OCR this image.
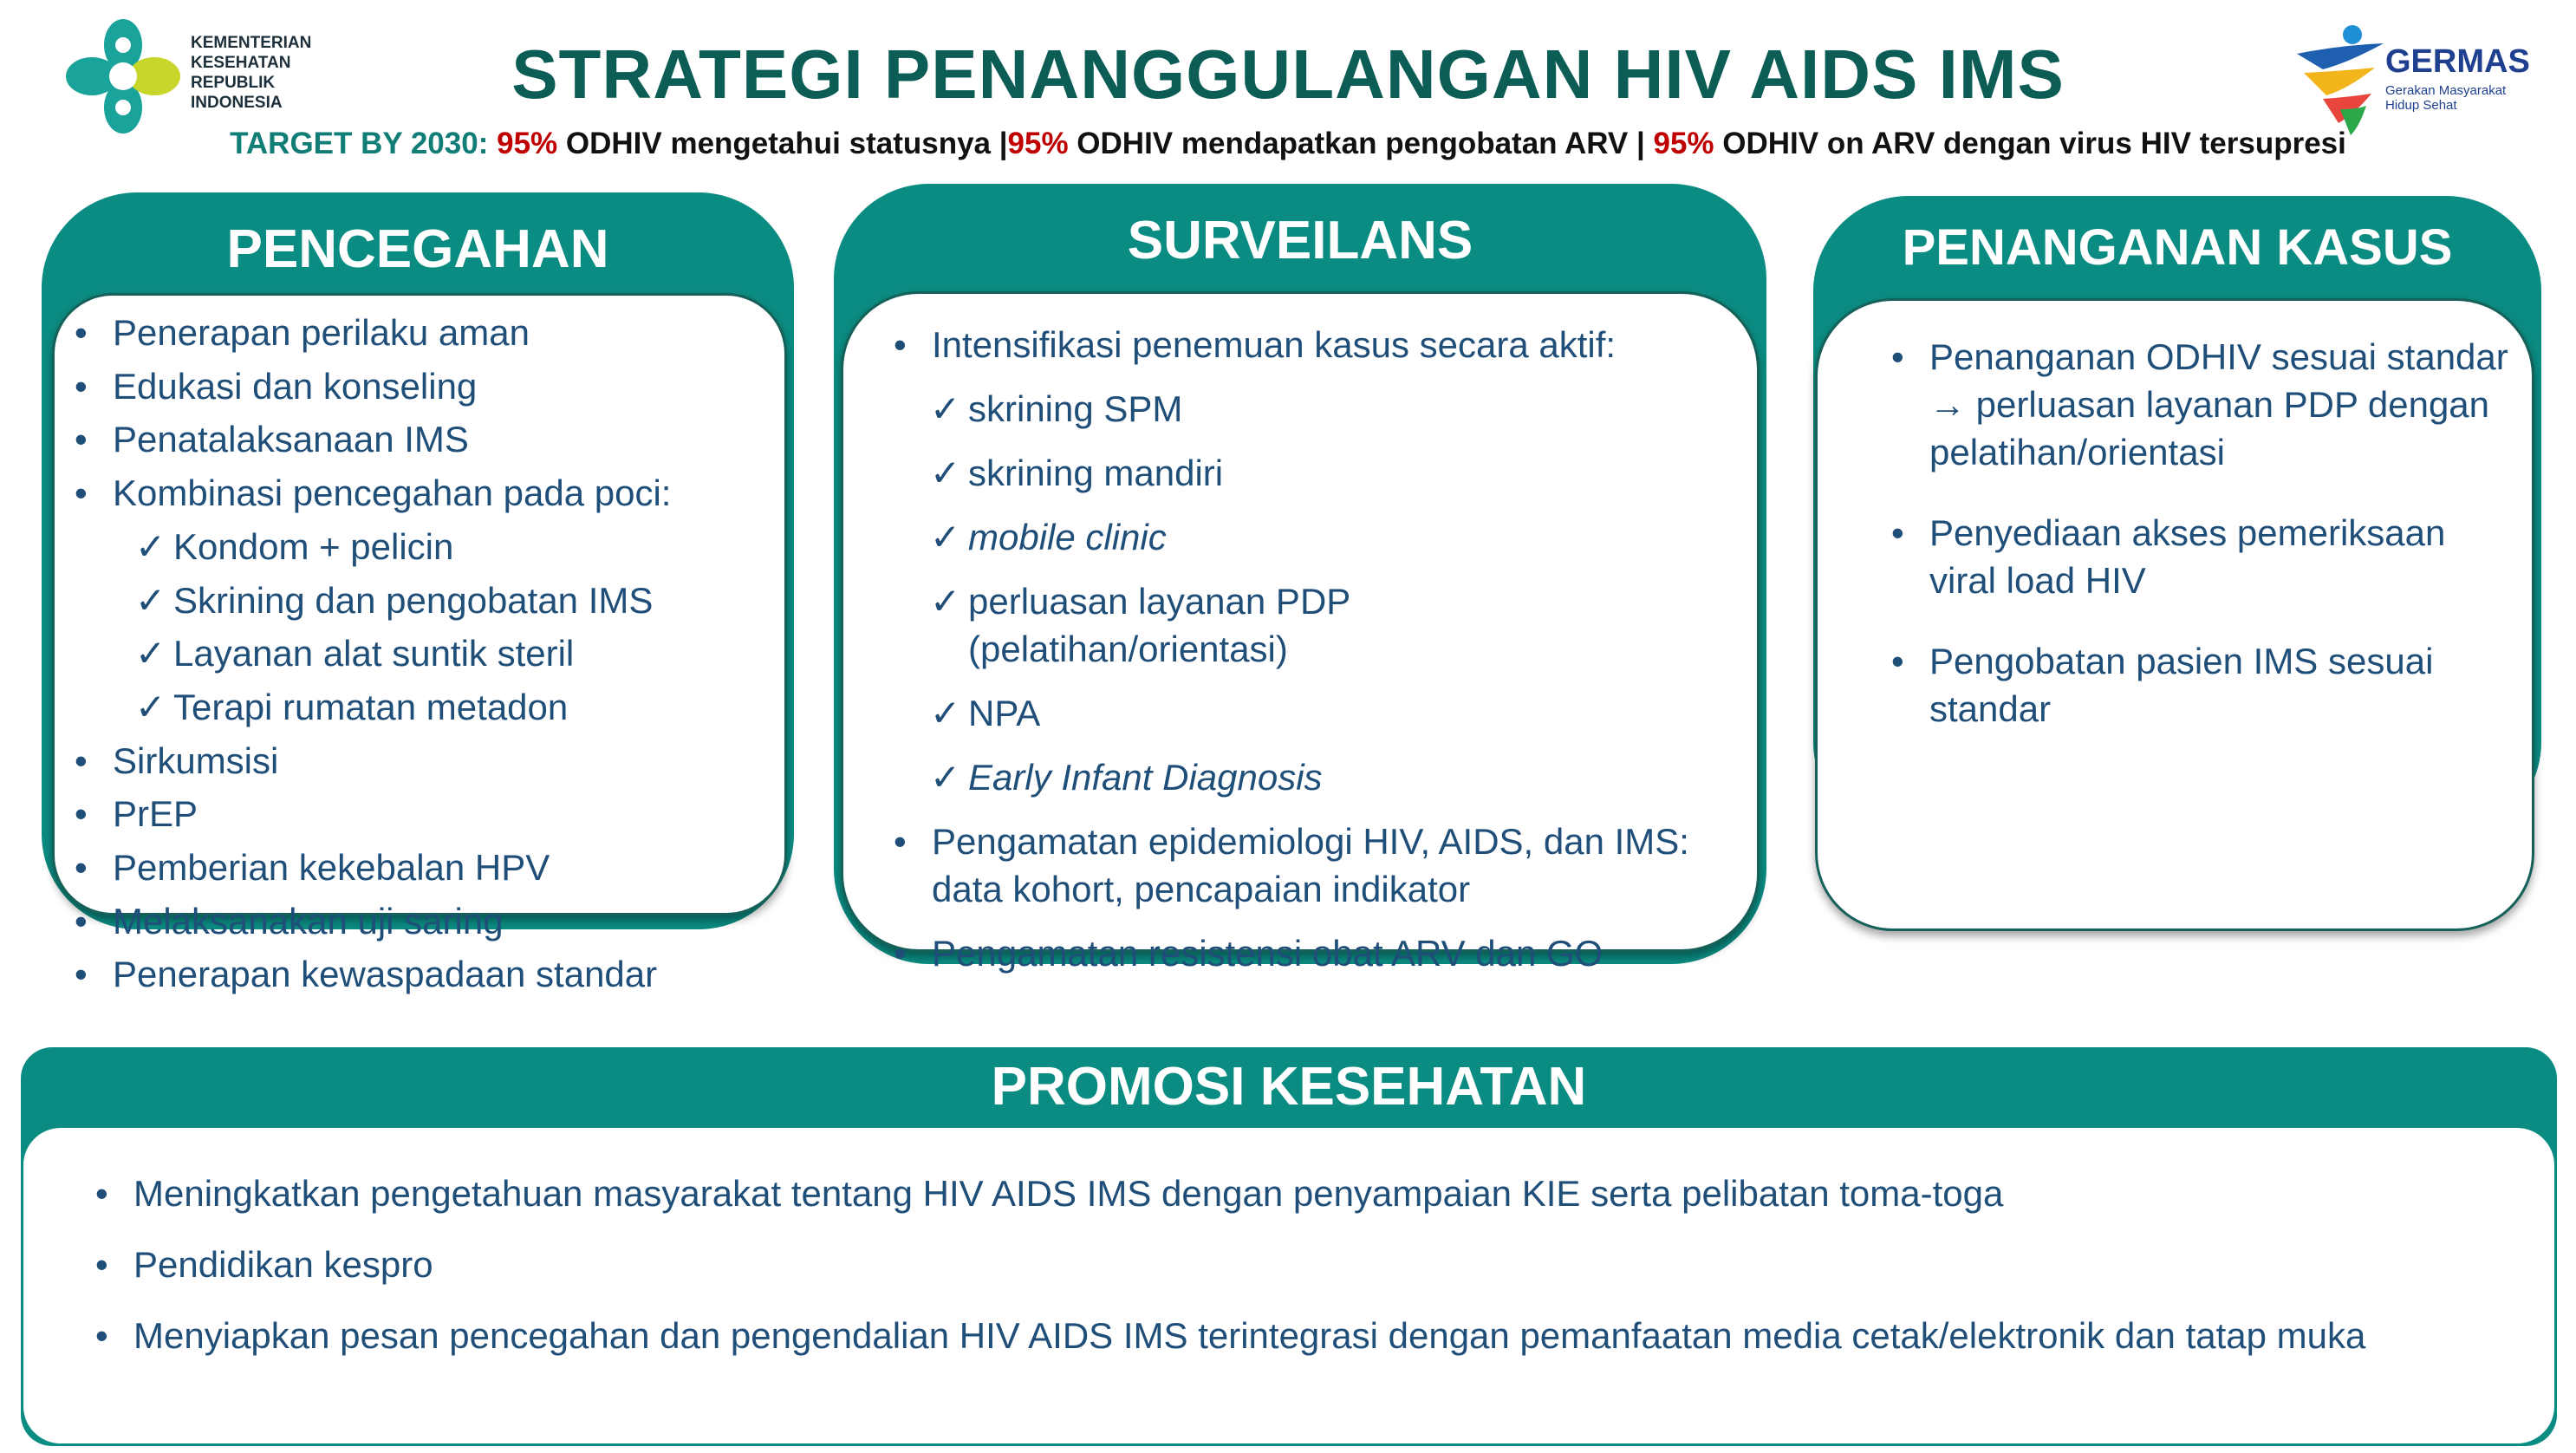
KEMENTERIAN
KESEHATAN
REPUBLIK
INDONESIA	STRATEGI PENANGGULANGAN HIV AIDS IMS
TARGET BY 2030: 95% ODHIV mengetahui statusnya |95% ODHIV mendapatkan pengobatan ARV | 95% ODHIV on ARV dengan virus HIV tersupresi
GERMAS
Gerakan Masyarakat Hidup Sehat
PENCEGAHAN
• Penerapan perilaku aman
• Edukasi dan konseling
• Penatalaksanaan IMS
• Kombinasi pencegahan pada poci:
✓ Kondom + pelicin
✓ Skrining dan pengobatan IMS
✓ Layanan alat suntik steril
✓ Terapi rumatan metadon
• Sirkumsisi
• PrEP
• Pemberian kekebalan HPV
• Melaksanakan uji saring
• Penerapan kewaspadaan standar
SURVEILANS
• Intensifikasi penemuan kasus secara aktif:
✓ skrining SPM
✓ skrining mandiri
✓ mobile clinic
✓ perluasan layanan PDP (pelatihan/orientasi)
✓ NPA
✓ Early Infant Diagnosis
• Pengamatan epidemiologi HIV, AIDS, dan IMS: data kohort, pencapaian indikator
• Pengamatan resistensi obat ARV dan GO
PENANGANAN KASUS
• Penanganan ODHIV sesuai standar → perluasan layanan PDP dengan pelatihan/orientasi
• Penyediaan akses pemeriksaan viral load HIV
• Pengobatan pasien IMS sesuai standar
PROMOSI KESEHATAN
• Meningkatkan pengetahuan masyarakat tentang HIV AIDS IMS dengan penyampaian KIE serta pelibatan toma-toga
• Pendidikan kespro
• Menyiapkan pesan pencegahan dan pengendalian HIV AIDS IMS terintegrasi dengan pemanfaatan media cetak/elektronik dan tatap muka
